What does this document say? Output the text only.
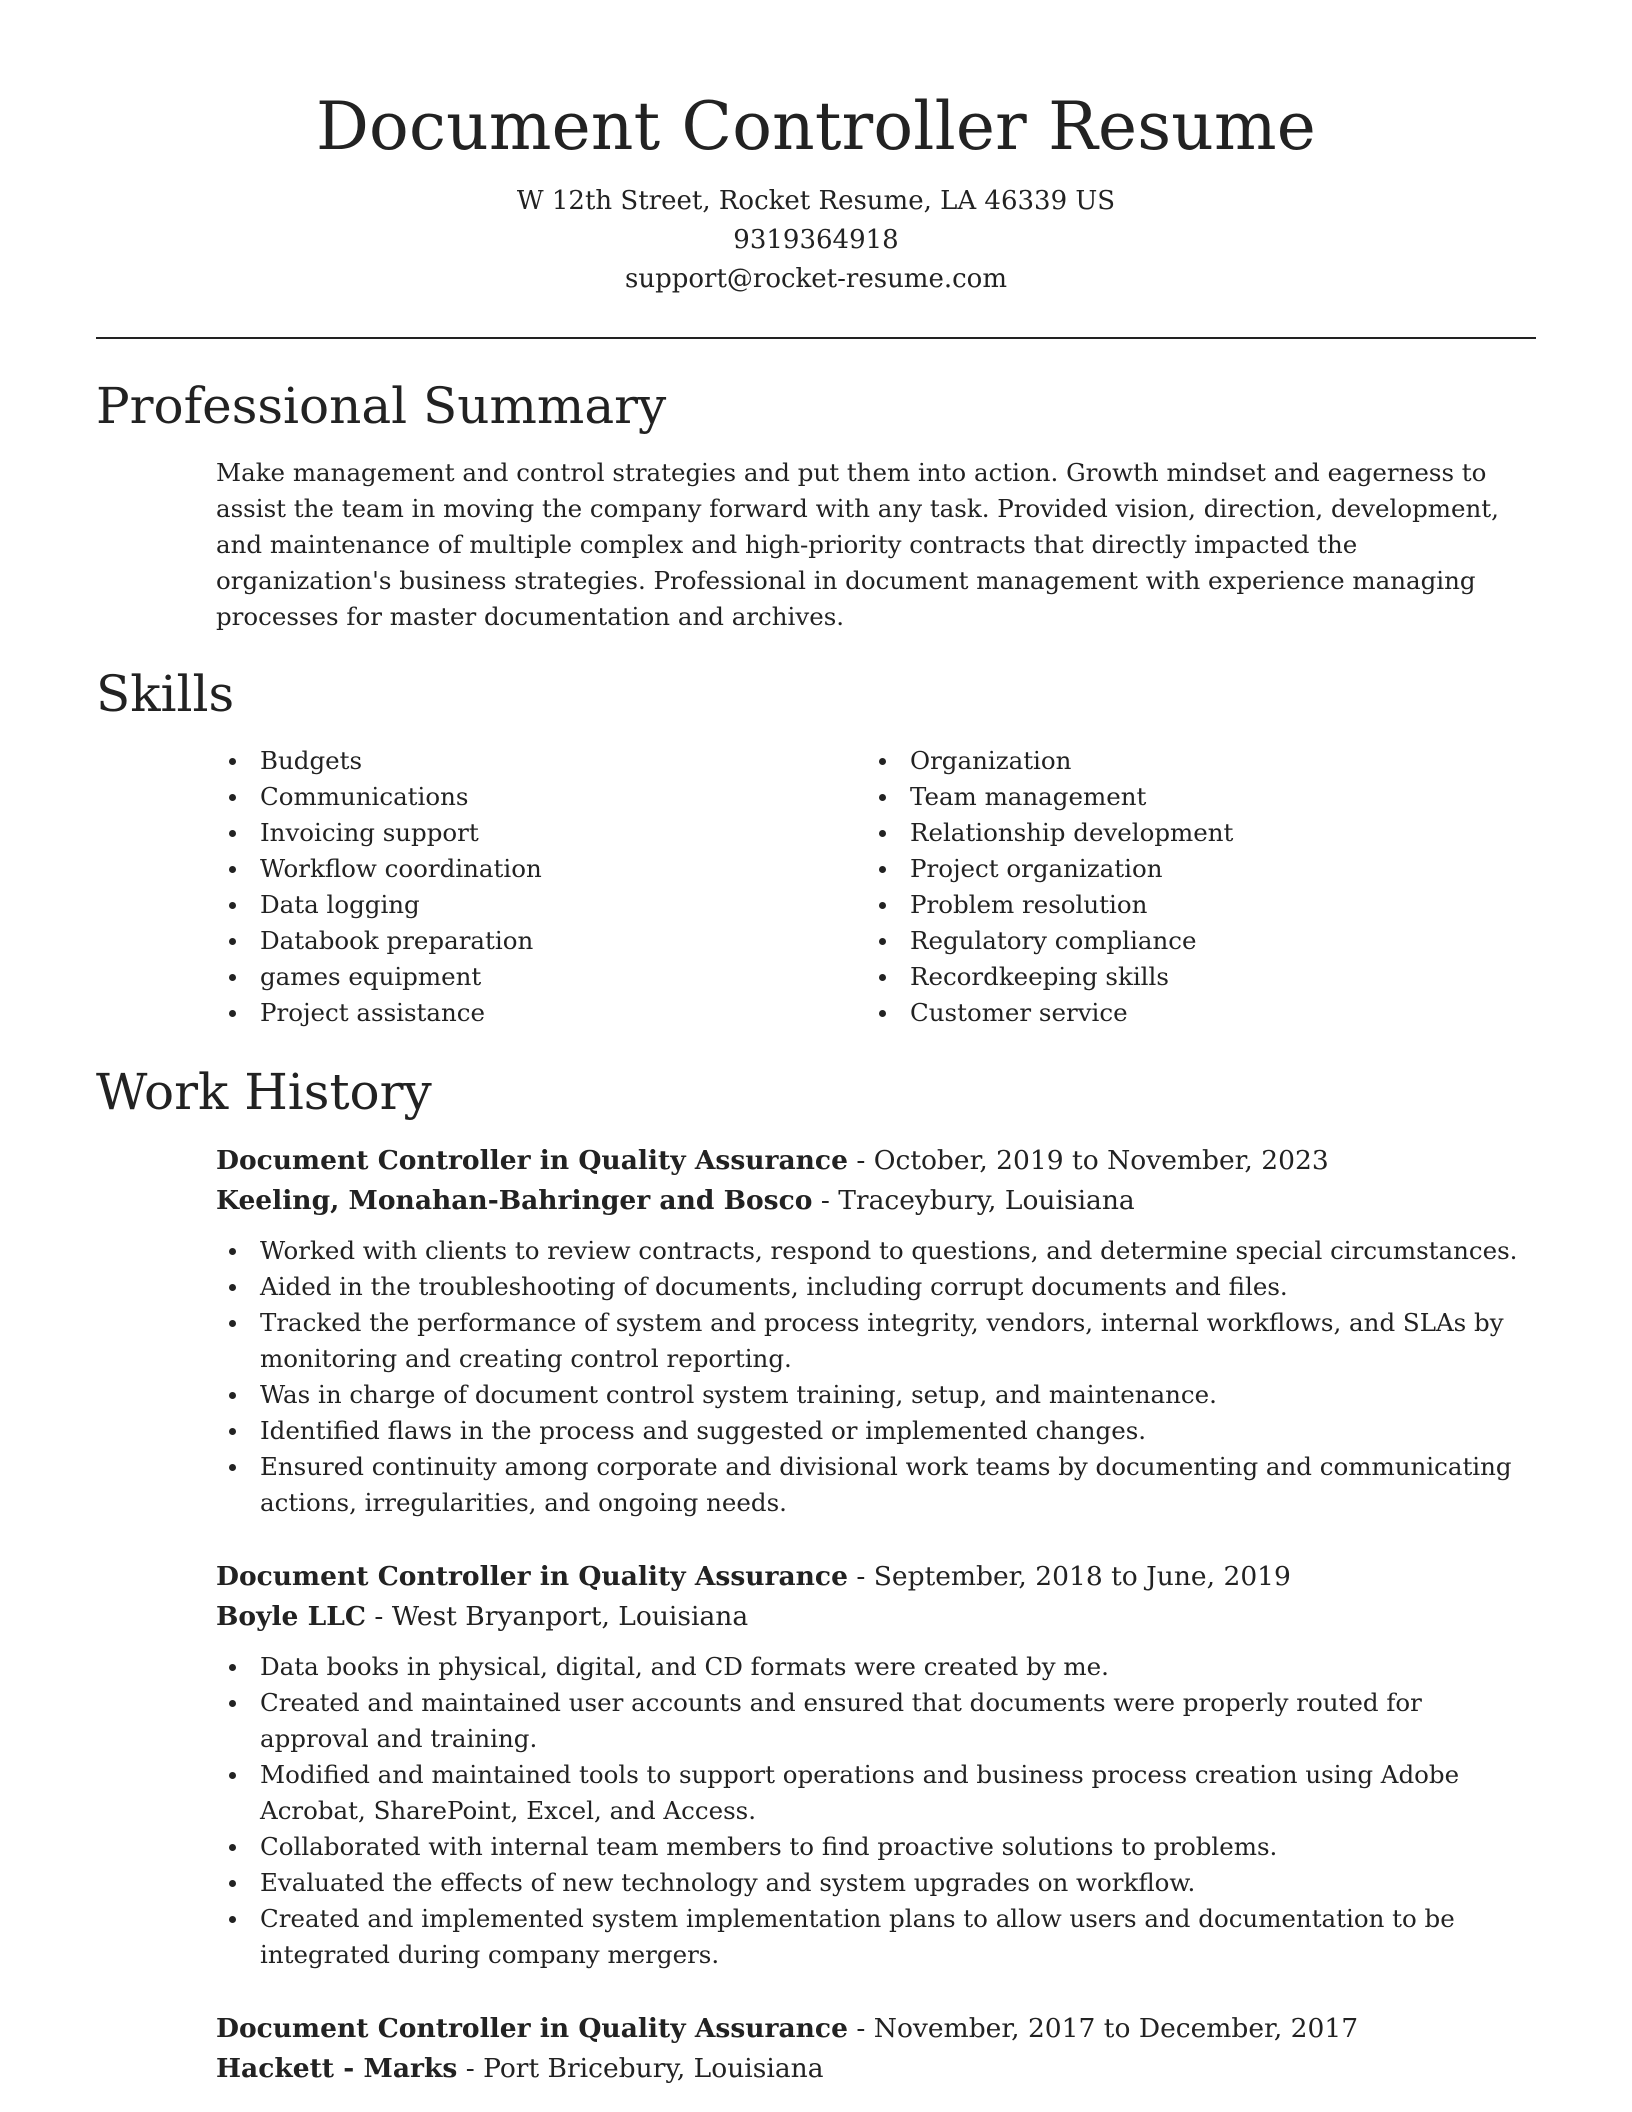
Document Controller Resume

W 12th Street, Rocket Resume, LA 46339 US

9319364918

support@rocket-resume.com

Professional Summary

Make management and control strategies and put them into action. Growth mindset and eagerness to assist the team in moving the company forward with any task. Provided vision, direction, development, and maintenance of multiple complex and high-priority contracts that directly impacted the organization's business strategies. Professional in document management with experience managing processes for master documentation and archives.

Skills
Budgets
Communications
Invoicing support
Workflow coordination
Data logging
Databook preparation
games equipment
Project assistance
Organization
Team management
Relationship development
Project organization
Problem resolution
Regulatory compliance
Recordkeeping skills
Customer service
Work History
Document Controller in Quality Assurance - October, 2019 to November, 2023
Keeling, Monahan-Bahringer and Bosco - Traceybury, Louisiana
Worked with clients to review contracts, respond to questions, and determine special circumstances.
Aided in the troubleshooting of documents, including corrupt documents and files.
Tracked the performance of system and process integrity, vendors, internal workflows, and SLAs by monitoring and creating control reporting.
Was in charge of document control system training, setup, and maintenance.
Identified flaws in the process and suggested or implemented changes.
Ensured continuity among corporate and divisional work teams by documenting and communicating actions, irregularities, and ongoing needs.
Document Controller in Quality Assurance - September, 2018 to June, 2019
Boyle LLC - West Bryanport, Louisiana
Data books in physical, digital, and CD formats were created by me.
Created and maintained user accounts and ensured that documents were properly routed for approval and training.
Modified and maintained tools to support operations and business process creation using Adobe Acrobat, SharePoint, Excel, and Access.
Collaborated with internal team members to find proactive solutions to problems.
Evaluated the effects of new technology and system upgrades on workflow.
Created and implemented system implementation plans to allow users and documentation to be integrated during company mergers.
Document Controller in Quality Assurance - November, 2017 to December, 2017
Hackett - Marks - Port Bricebury, Louisiana
